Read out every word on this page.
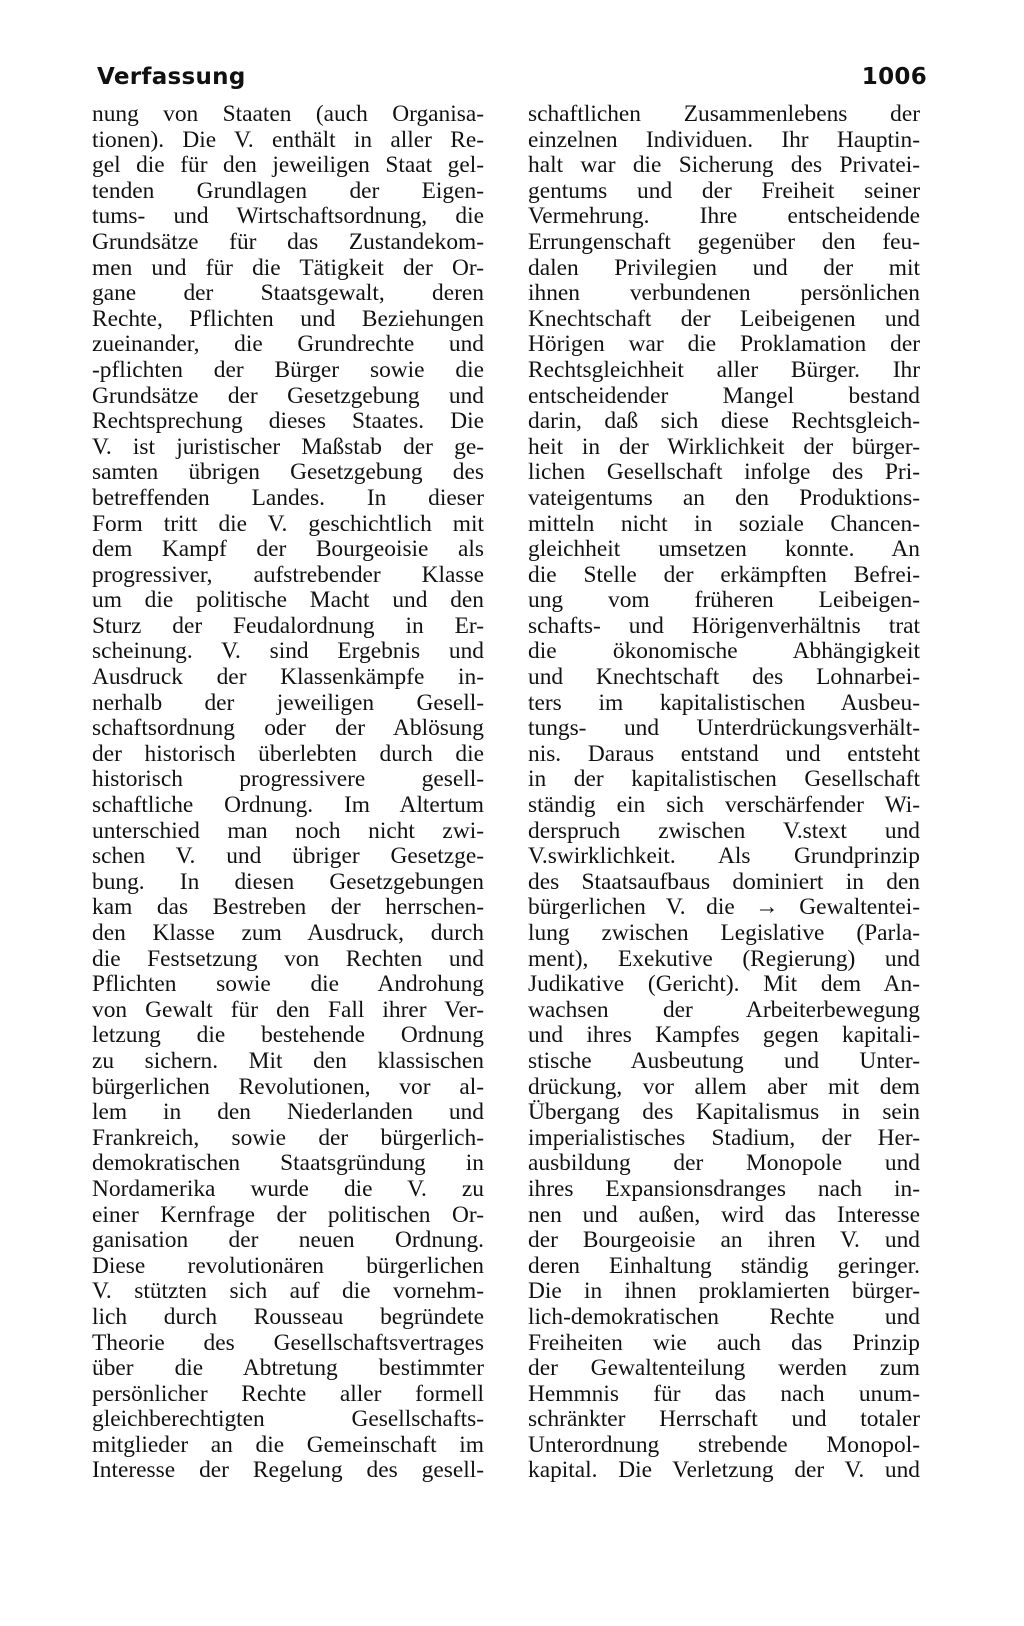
Verfassung	1006
nung von Staaten (auch Organisa-
tionen). Die V. enthält in aller Re-
gel die für den jeweiligen Staat gel-
tenden Grundlagen der Eigen-
tums- und Wirtschaftsordnung, die
Grundsätze für das Zustandekom-
men und für die Tätigkeit der Or-
gane der Staatsgewalt, deren
Rechte, Pflichten und Beziehungen
zueinander, die Grundrechte und
-pflichten der Bürger sowie die
Grundsätze der Gesetzgebung und
Rechtsprechung dieses Staates. Die
V. ist juristischer Maßstab der ge-
samten übrigen Gesetzgebung des
betreffenden Landes. In dieser
Form tritt die V. geschichtlich mit
dem Kampf der Bourgeoisie als
progressiver, aufstrebender Klasse
um die politische Macht und den
Sturz der Feudalordnung in Er-
scheinung. V. sind Ergebnis und
Ausdruck der Klassenkämpfe in-
nerhalb der jeweiligen Gesell-
schaftsordnung oder der Ablösung
der historisch überlebten durch die
historisch progressivere gesell-
schaftliche Ordnung. Im Altertum
unterschied man noch nicht zwi-
schen V. und übriger Gesetzge-
bung. In diesen Gesetzgebungen
kam das Bestreben der herrschen-
den Klasse zum Ausdruck, durch
die Festsetzung von Rechten und
Pflichten sowie die Androhung
von Gewalt für den Fall ihrer Ver-
letzung die bestehende Ordnung
zu sichern. Mit den klassischen
bürgerlichen Revolutionen, vor al-
lem in den Niederlanden und
Frankreich, sowie der bürgerlich-
demokratischen Staatsgründung in
Nordamerika wurde die V. zu
einer Kernfrage der politischen Or-
ganisation der neuen Ordnung.
Diese revolutionären bürgerlichen
V. stützten sich auf die vornehm-
lich durch Rousseau begründete
Theorie des Gesellschaftsvertrages
über die Abtretung bestimmter
persönlicher Rechte aller formell
gleichberechtigten Gesellschafts-
mitglieder an die Gemeinschaft im
Interesse der Regelung des gesell-
schaftlichen Zusammenlebens der
einzelnen Individuen. Ihr Hauptin-
halt war die Sicherung des Privatei-
gentums und der Freiheit seiner
Vermehrung. Ihre entscheidende
Errungenschaft gegenüber den feu-
dalen Privilegien und der mit
ihnen verbundenen persönlichen
Knechtschaft der Leibeigenen und
Hörigen war die Proklamation der
Rechtsgleichheit aller Bürger. Ihr
entscheidender Mangel bestand
darin, daß sich diese Rechtsgleich-
heit in der Wirklichkeit der bürger-
lichen Gesellschaft infolge des Pri-
vateigentums an den Produktions-
mitteln nicht in soziale Chancen-
gleichheit umsetzen konnte. An
die Stelle der erkämpften Befrei-
ung vom früheren Leibeigen-
schafts- und Hörigenverhältnis trat
die ökonomische Abhängigkeit
und Knechtschaft des Lohnarbei-
ters im kapitalistischen Ausbeu-
tungs- und Unterdrückungsverhält-
nis. Daraus entstand und entsteht
in der kapitalistischen Gesellschaft
ständig ein sich verschärfender Wi-
derspruch zwischen V.stext und
V.swirklichkeit. Als Grundprinzip
des Staatsaufbaus dominiert in den
bürgerlichen V. die → Gewaltentei-
lung zwischen Legislative (Parla-
ment), Exekutive (Regierung) und
Judikative (Gericht). Mit dem An-
wachsen der Arbeiterbewegung
und ihres Kampfes gegen kapitali-
stische Ausbeutung und Unter-
drückung, vor allem aber mit dem
Übergang des Kapitalismus in sein
imperialistisches Stadium, der Her-
ausbildung der Monopole und
ihres Expansionsdranges nach in-
nen und außen, wird das Interesse
der Bourgeoisie an ihren V. und
deren Einhaltung ständig geringer.
Die in ihnen proklamierten bürger-
lich-demokratischen Rechte und
Freiheiten wie auch das Prinzip
der Gewaltenteilung werden zum
Hemmnis für das nach unum-
schränkter Herrschaft und totaler
Unterordnung strebende Monopol-
kapital. Die Verletzung der V. und
